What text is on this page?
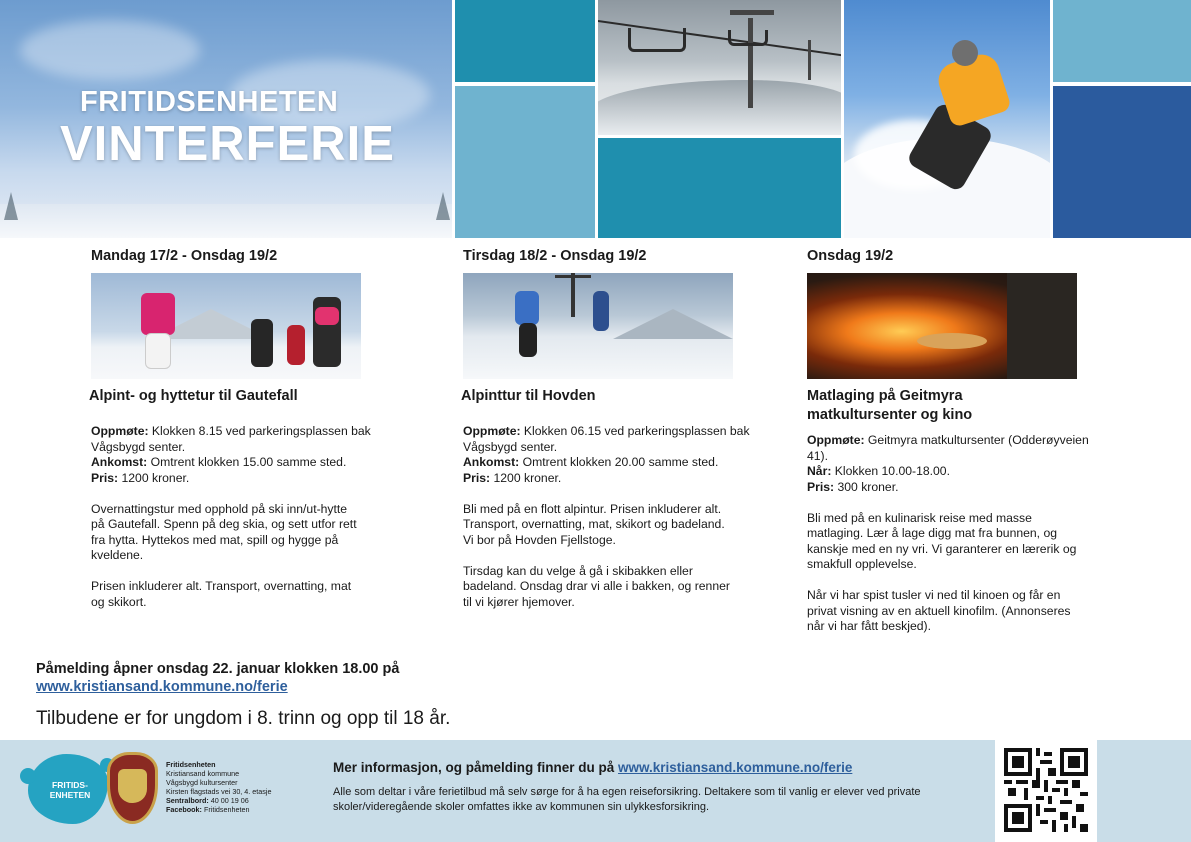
FRITIDSENHETEN
VINTERFERIE
Mandag 17/2 - Onsdag 19/2
Alpint- og hyttetur til Gautefall
Oppmøte: Klokken 8.15 ved parkeringsplassen bak Vågsbygd senter.
Ankomst: Omtrent klokken 15.00 samme sted.
Pris: 1200 kroner.
Overnattingstur med opphold på ski inn/ut-hytte på Gautefall. Spenn på deg skia, og sett utfor rett fra hytta. Hyttekos med mat, spill og hygge på kveldene.
Prisen inkluderer alt. Transport, overnatting, mat og skikort.
Tirsdag 18/2 - Onsdag 19/2
Alpinttur til Hovden
Oppmøte: Klokken 06.15 ved parkeringsplassen bak Vågsbygd senter.
Ankomst: Omtrent klokken 20.00 samme sted.
Pris: 1200 kroner.
Bli med på en flott alpintur. Prisen inkluderer alt. Transport, overnatting, mat, skikort og badeland. Vi bor på Hovden Fjellstoge.
Tirsdag kan du velge å gå i skibakken eller badeland. Onsdag drar vi alle i bakken, og renner til vi kjører hjemover.
Onsdag 19/2
Matlaging på Geitmyra
matkultursenter og kino
Oppmøte: Geitmyra matkultursenter (Odderøyveien 41).
Når: Klokken 10.00-18.00.
Pris: 300 kroner.
Bli med på en kulinarisk reise med masse matlaging. Lær å lage digg mat fra bunnen, og kanskje med en ny vri. Vi garanterer en lærerik og smakfull opplevelse.
Når vi har spist tusler vi ned til kinoen og får en privat visning av en aktuell kinofilm. (Annonseres når vi har fått beskjed).
Påmelding åpner onsdag 22. januar klokken 18.00 på
www.kristiansand.kommune.no/ferie
Tilbudene er for ungdom i 8. trinn og opp til 18 år.
FRITIDS-
ENHETEN
Fritidsenheten
Kristiansand kommune
Vågsbygd kultursenter
Kirsten flagstads vei 30, 4. etasje
Sentralbord: 40 00 19 06
Facebook: Fritidsenheten
Mer informasjon, og påmelding finner du på www.kristiansand.kommune.no/ferie
Alle som deltar i våre ferietilbud må selv sørge for å ha egen reiseforsikring. Deltakere som til vanlig er elever ved private skoler/videregående skoler omfattes ikke av kommunen sin ulykkesforsikring.
